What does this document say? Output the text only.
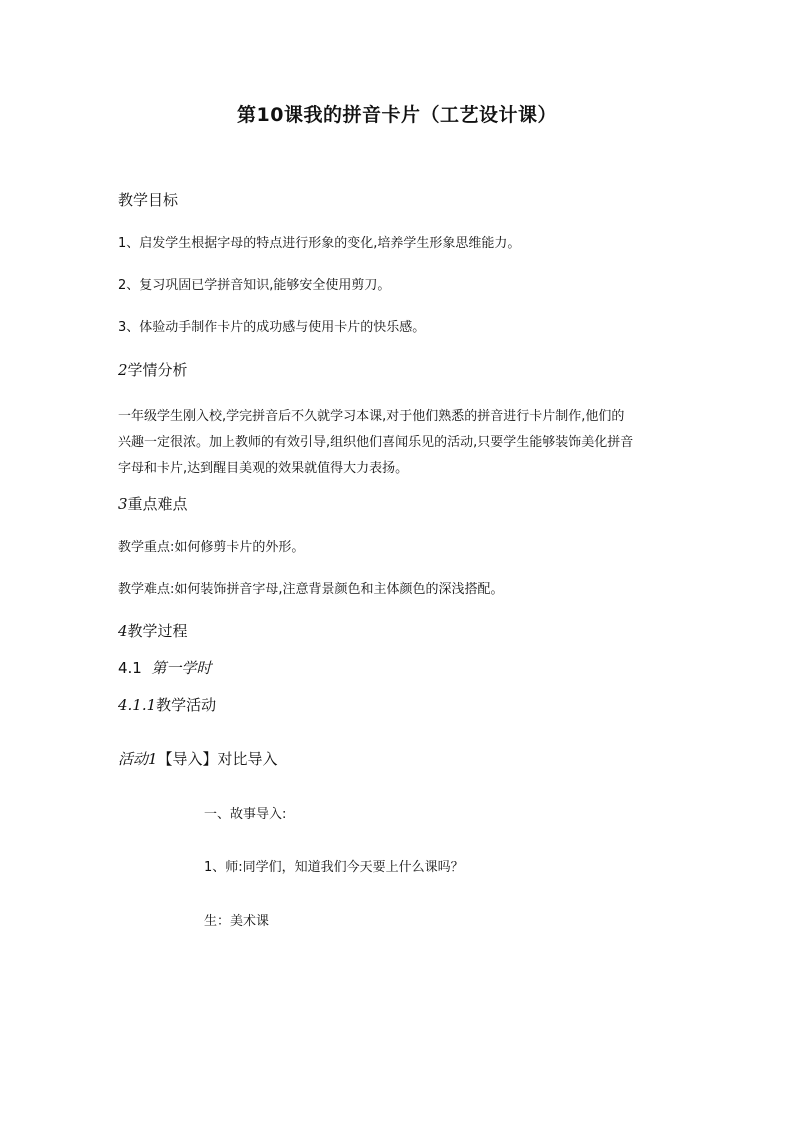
第10课我的拼音卡片（工艺设计课）
教学目标
1、启发学生根据字母的特点进行形象的变化,培养学生形象思维能力。
2、复习巩固已学拼音知识,能够安全使用剪刀。
3、体验动手制作卡片的成功感与使用卡片的快乐感。
2学情分析
一年级学生刚入校,学完拼音后不久就学习本课,对于他们熟悉的拼音进行卡片制作,他们的
兴趣一定很浓。加上教师的有效引导,组织他们喜闻乐见的活动,只要学生能够装饰美化拼音
字母和卡片,达到醒目美观的效果就值得大力表扬。
3重点难点
教学重点:如何修剪卡片的外形。
教学难点:如何装饰拼音字母,注意背景颜色和主体颜色的深浅搭配。
4教学过程
4.1 第一学时
4.1.1教学活动
活动1【导入】对比导入
一、故事导入:
1、师:同学们，知道我们今天要上什么课吗？
生：美术课
